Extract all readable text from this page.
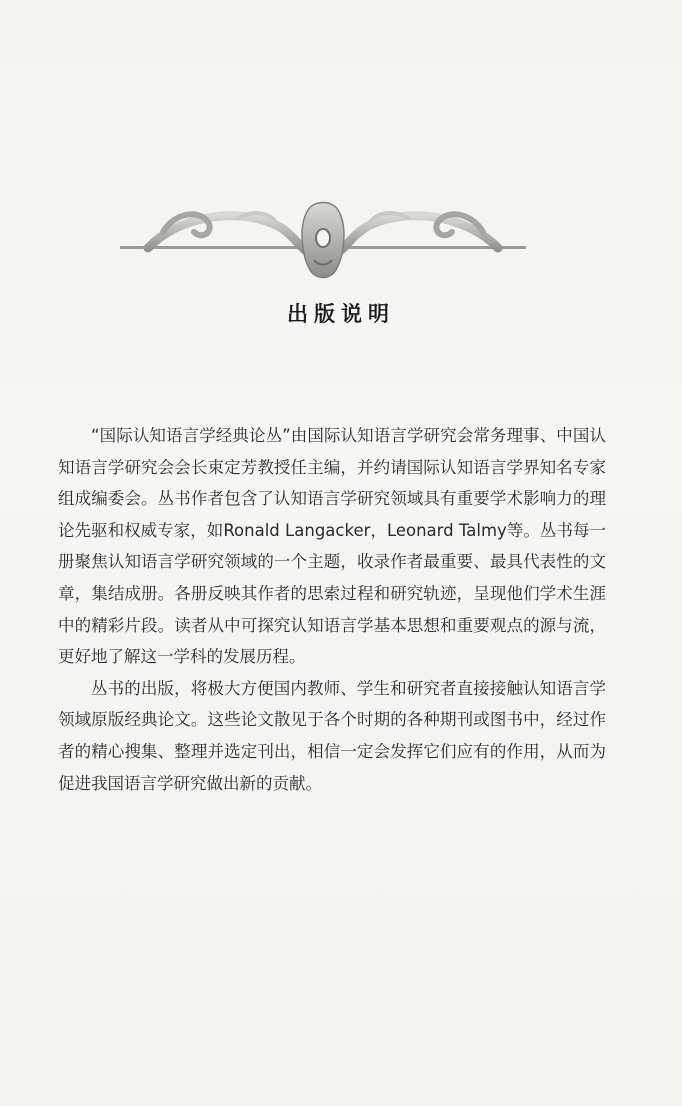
出版说明

“国际认知语言学经典论丛”由国际认知语言学研究会常务理事、中国认知语言学研究会会长束定芳教授任主编，并约请国际认知语言学界知名专家组成编委会。丛书作者包含了认知语言学研究领域具有重要学术影响力的理论先驱和权威专家，如Ronald Langacker，Leonard Talmy等。丛书每一册聚焦认知语言学研究领域的一个主题，收录作者最重要、最具代表性的文章，集结成册。各册反映其作者的思索过程和研究轨迹，呈现他们学术生涯中的精彩片段。读者从中可探究认知语言学基本思想和重要观点的源与流，更好地了解这一学科的发展历程。

丛书的出版，将极大方便国内教师、学生和研究者直接接触认知语言学领域原版经典论文。这些论文散见于各个时期的各种期刊或图书中，经过作者的精心搜集、整理并选定刊出，相信一定会发挥它们应有的作用，从而为促进我国语言学研究做出新的贡献。
